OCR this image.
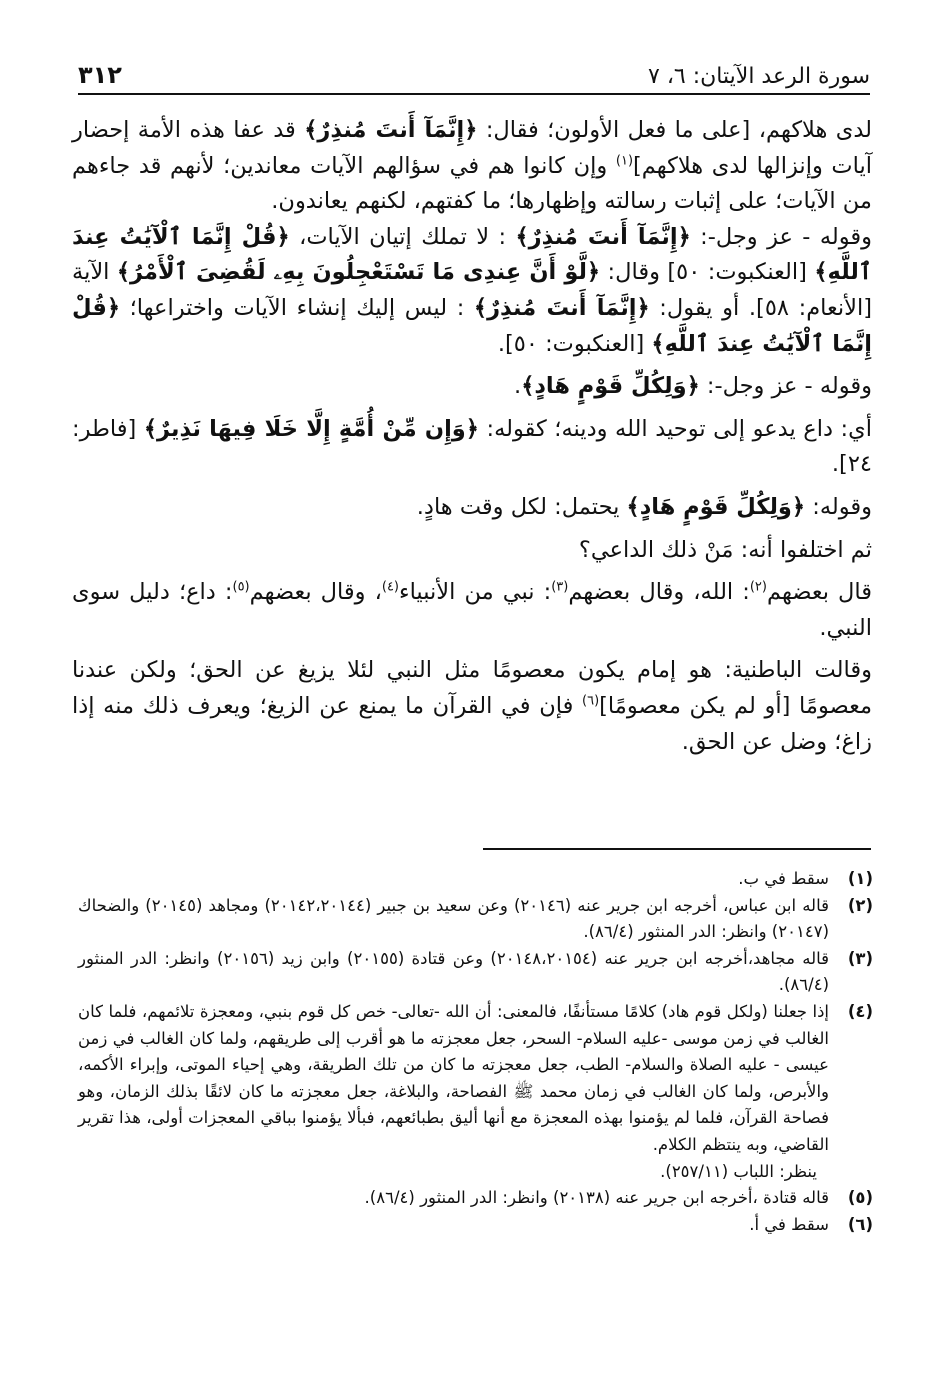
سورة الرعد الآيتان: ٦، ٧
٣١٢

لدى هلاكهم، [على ما فعل الأولون؛ فقال: ﴿إِنَّمَآ أَنتَ مُنذِرٌ﴾ قد عفا هذه الأمة إحضار آيات وإنزالها لدى هلاكهم]$^{(١)}$ وإن كانوا هم في سؤالهم الآيات معاندين؛ لأنهم قد جاءهم من الآيات؛ على إثبات رسالته وإظهارها؛ ما كفتهم، لكنهم يعاندون.

وقوله - عز وجل-: ﴿إِنَّمَآ أَنتَ مُنذِرٌ﴾ : لا تملك إتيان الآيات، ﴿قُلْ إِنَّمَا ٱلْآيَٰتُ عِندَ ٱللَّهِ﴾ [العنكبوت: ٥٠] وقال: ﴿لَّوْ أَنَّ عِندِى مَا تَسْتَعْجِلُونَ بِهِۦ لَقُضِىَ ٱلْأَمْرُ﴾ الآية [الأنعام: ٥٨]. أو يقول: ﴿إِنَّمَآ أَنتَ مُنذِرٌ﴾ : ليس إليك إنشاء الآيات واختراعها؛ ﴿قُلْ إِنَّمَا ٱلْآيَٰتُ عِندَ ٱللَّهِ﴾ [العنكبوت: ٥٠].

وقوله - عز وجل-: ﴿وَلِكُلِّ قَوْمٍ هَادٍ﴾.

أي: داع يدعو إلى توحيد الله ودينه؛ كقوله: ﴿وَإِن مِّنْ أُمَّةٍ إِلَّا خَلَا فِيهَا نَذِيرٌ﴾ [فاطر: ٢٤].

وقوله: ﴿وَلِكُلِّ قَوْمٍ هَادٍ﴾ يحتمل: لكل وقت هادٍ.

ثم اختلفوا أنه: مَنْ ذلك الداعي؟

قال بعضهم$^{(٢)}$: الله، وقال بعضهم$^{(٣)}$: نبي من الأنبياء$^{(٤)}$، وقال بعضهم$^{(٥)}$: داع؛ دليل سوى النبي.

وقالت الباطنية: هو إمام يكون معصومًا مثل النبي لئلا يزيغ عن الحق؛ ولكن عندنا معصومًا [أو لم يكن معصومًا]$^{(٦)}$ فإن في القرآن ما يمنع عن الزيغ؛ ويعرف ذلك منه إذا زاغ؛ وضل عن الحق.

(١)
سقط في ب.
(٢)
قاله ابن عباس، أخرجه ابن جرير عنه (٢٠١٤٦) وعن سعيد بن جبير (٢٠١٤٢،٢٠١٤٤) ومجاهد (٢٠١٤٥) والضحاك (٢٠١٤٧) وانظر: الدر المنثور (٨٦/٤).
(٣)
قاله مجاهد،أخرجه ابن جرير عنه (٢٠١٤٨،٢٠١٥٤) وعن قتادة (٢٠١٥٥) وابن زيد (٢٠١٥٦) وانظر: الدر المنثور (٨٦/٤).
(٤)
إذا جعلنا (ولكل قوم هاد) كلامًا مستأنفًا، فالمعنى: أن الله -تعالى- خص كل قوم بنبي، ومعجزة تلائمهم، فلما كان الغالب في زمن موسى -عليه السلام- السحر، جعل معجزته ما هو أقرب إلى طريقهم، ولما كان الغالب في زمن عيسى - عليه الصلاة والسلام- الطب، جعل معجزته ما كان من تلك الطريقة، وهي إحياء الموتى، وإبراء الأكمه، والأبرص، ولما كان الغالب في زمان محمد ﷺ الفصاحة، والبلاغة، جعل معجزته ما كان لائقًا بذلك الزمان، وهو فصاحة القرآن، فلما لم يؤمنوا بهذه المعجزة مع أنها أليق بطبائعهم، فبألا يؤمنوا بباقي المعجزات أولى، هذا تقرير القاضي، وبه ينتظم الكلام.
ينظر: اللباب (٢٥٧/١١).
(٥)
قاله قتادة ،أخرجه ابن جرير عنه (٢٠١٣٨) وانظر: الدر المنثور (٨٦/٤).
(٦)
سقط في أ.
